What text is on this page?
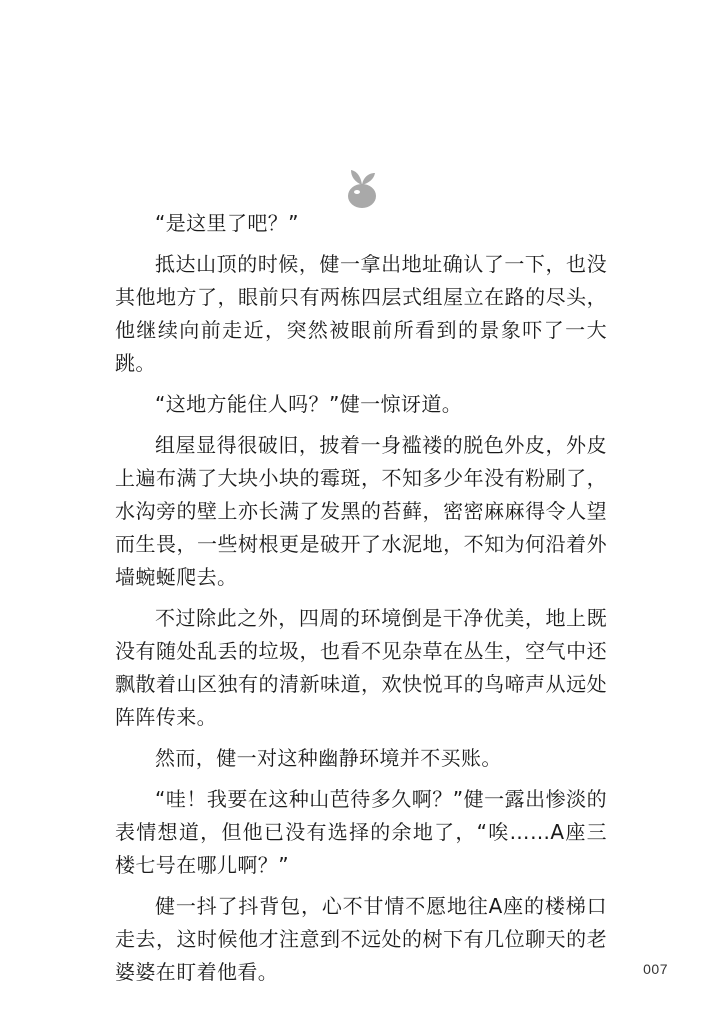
“是这里了吧？”

抵达山顶的时候，健一拿出地址确认了一下，也没其他地方了，眼前只有两栋四层式组屋立在路的尽头，他继续向前走近，突然被眼前所看到的景象吓了一大跳。

“这地方能住人吗？”健一惊讶道。

组屋显得很破旧，披着一身褴褛的脱色外皮，外皮上遍布满了大块小块的霉斑，不知多少年没有粉刷了，水沟旁的壁上亦长满了发黑的苔藓，密密麻麻得令人望而生畏，一些树根更是破开了水泥地，不知为何沿着外墙蜿蜒爬去。

不过除此之外，四周的环境倒是干净优美，地上既没有随处乱丢的垃圾，也看不见杂草在丛生，空气中还飘散着山区独有的清新味道，欢快悦耳的鸟啼声从远处阵阵传来。

然而，健一对这种幽静环境并不买账。

“哇！我要在这种山芭待多久啊？”健一露出惨淡的表情想道，但他已没有选择的余地了，“唉……A座三楼七号在哪儿啊？”

健一抖了抖背包，心不甘情不愿地往A座的楼梯口走去，这时候他才注意到不远处的树下有几位聊天的老婆婆在盯着他看。	007
